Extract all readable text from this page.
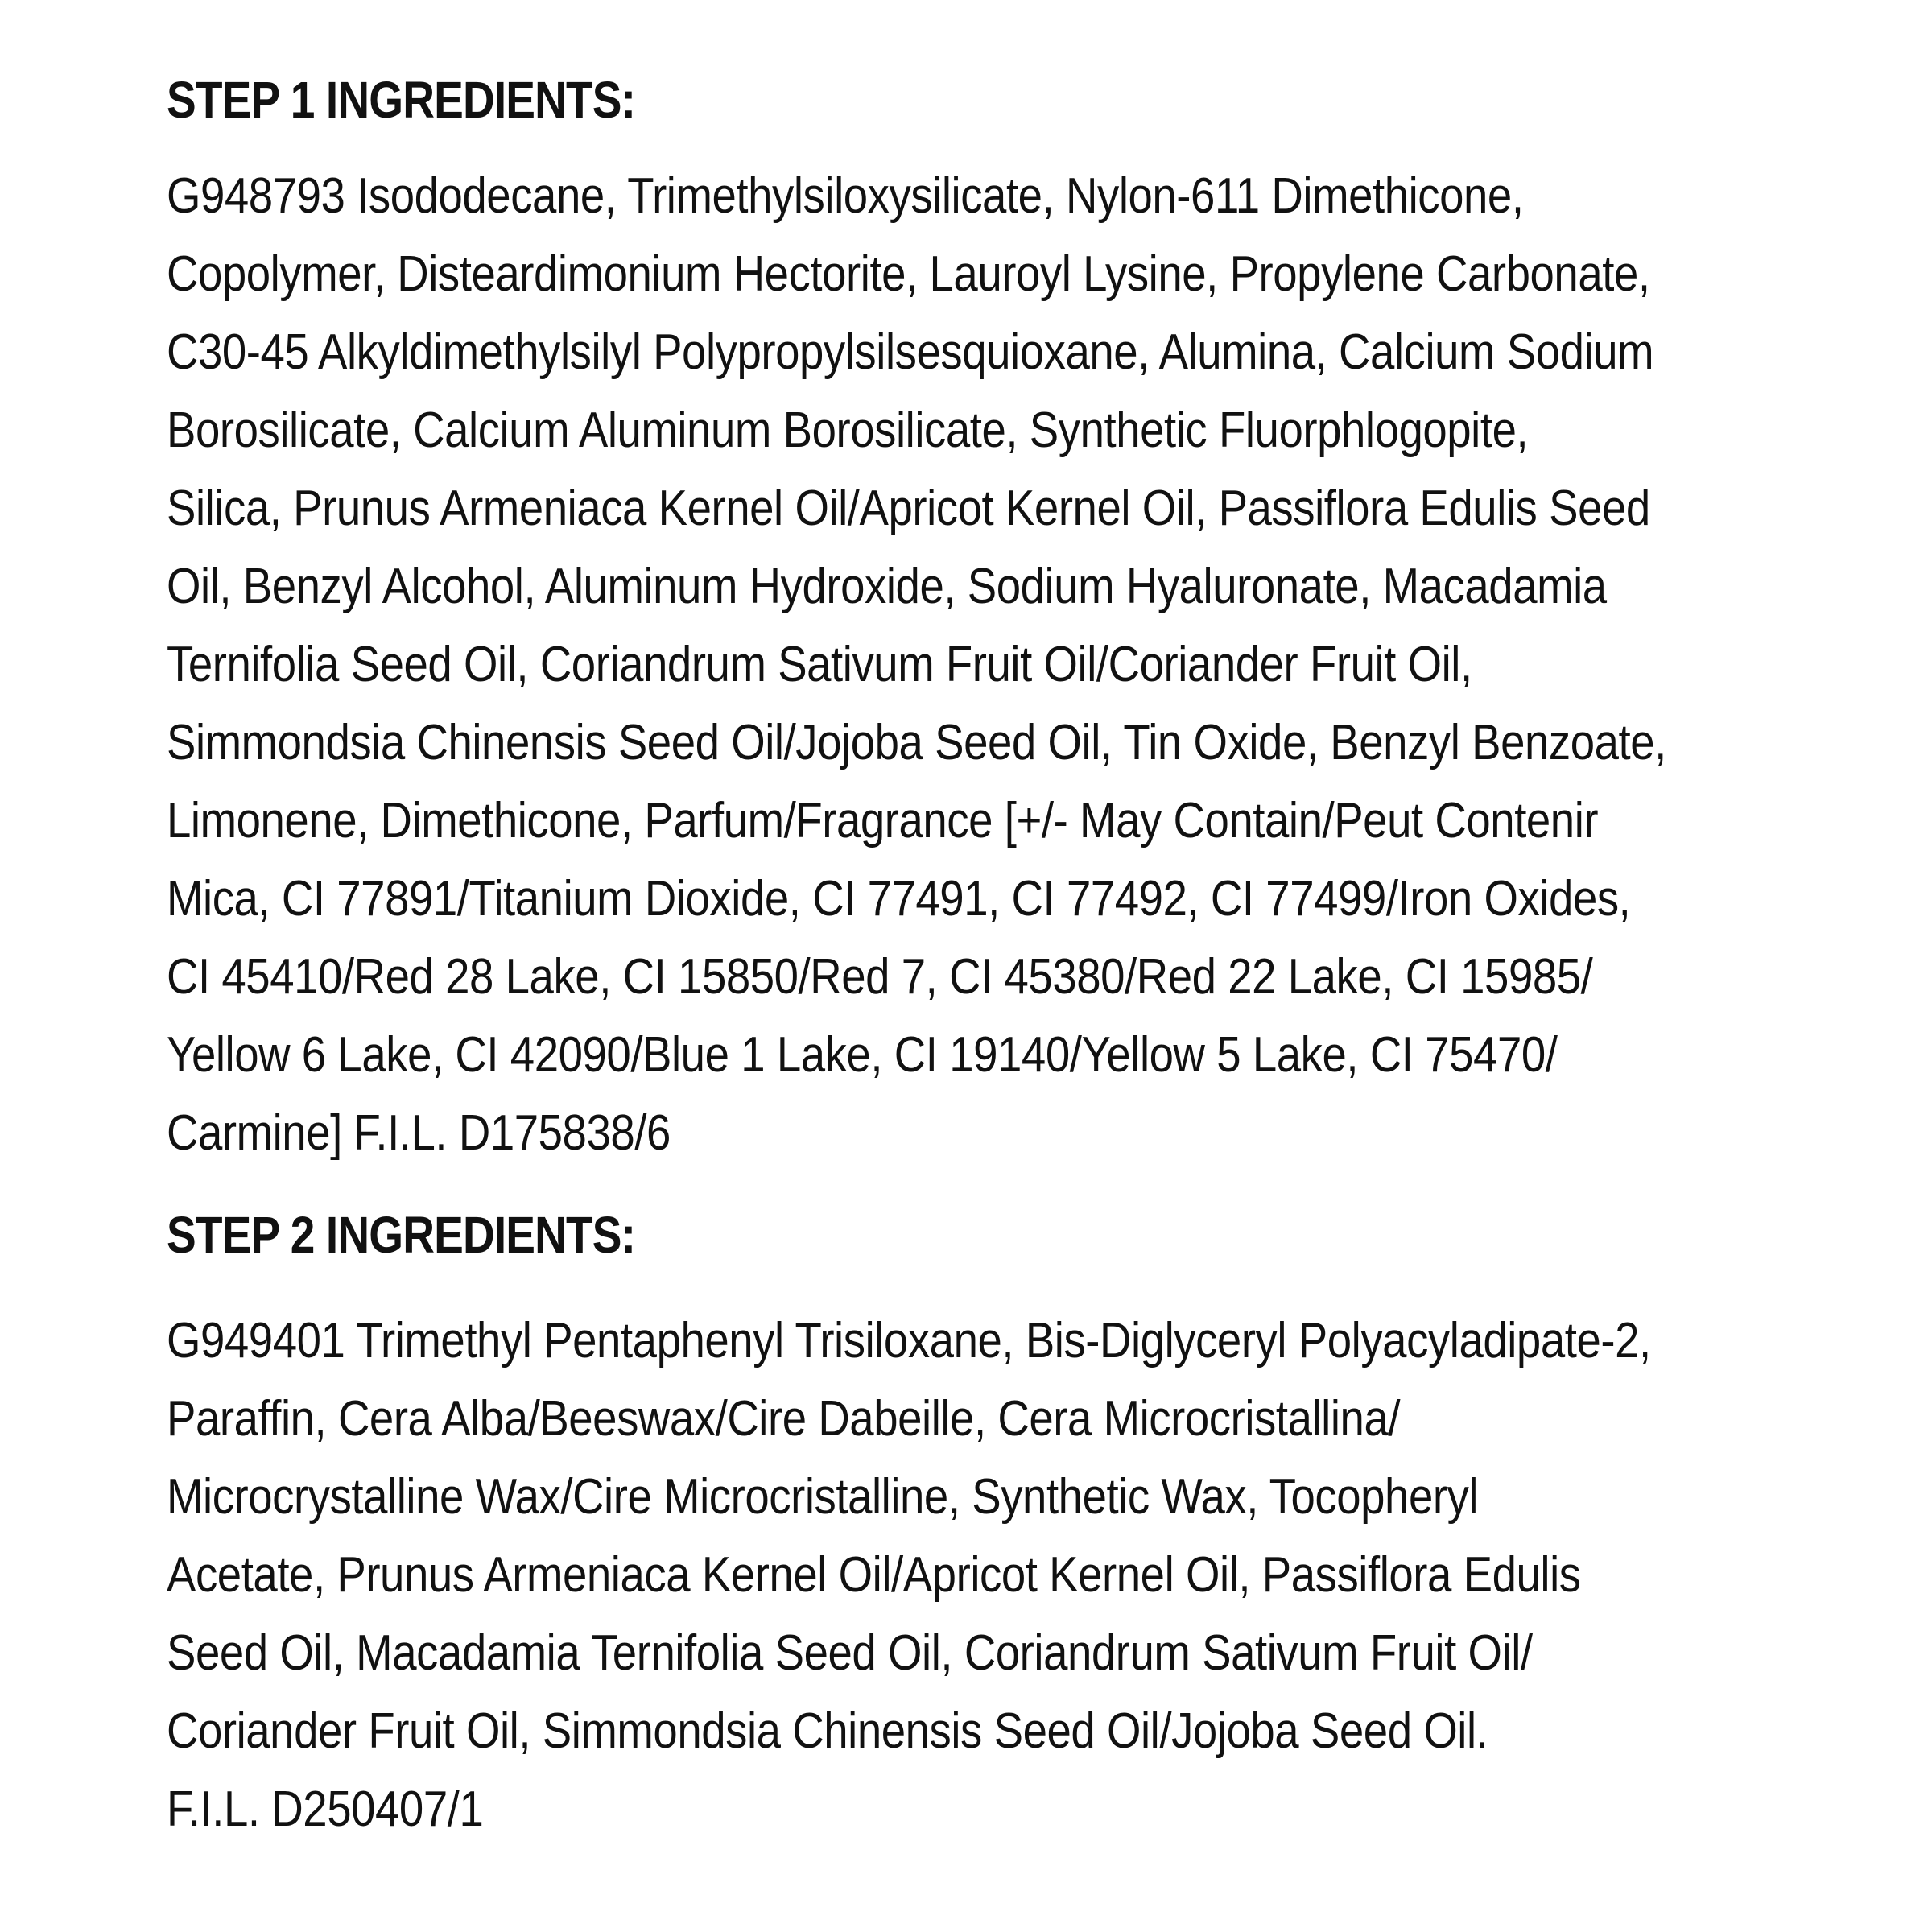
STEP 1 INGREDIENTS:
G948793 Isododecane, Trimethylsiloxysilicate, Nylon-611 Dimethicone,
Copolymer, Disteardimonium Hectorite, Lauroyl Lysine, Propylene Carbonate,
C30-45 Alkyldimethylsilyl Polypropylsilsesquioxane, Alumina, Calcium Sodium
Borosilicate, Calcium Aluminum Borosilicate, Synthetic Fluorphlogopite,
Silica, Prunus Armeniaca Kernel Oil/Apricot Kernel Oil, Passiflora Edulis Seed
Oil, Benzyl Alcohol, Aluminum Hydroxide, Sodium Hyaluronate, Macadamia
Ternifolia Seed Oil, Coriandrum Sativum Fruit Oil/Coriander Fruit Oil,
Simmondsia Chinensis Seed Oil/Jojoba Seed Oil, Tin Oxide, Benzyl Benzoate,
Limonene, Dimethicone, Parfum/Fragrance [+/- May Contain/Peut Contenir
Mica, CI 77891/Titanium Dioxide, CI 77491, CI 77492, CI 77499/Iron Oxides,
CI 45410/Red 28 Lake, CI 15850/Red 7, CI 45380/Red 22 Lake, CI 15985/
Yellow 6 Lake, CI 42090/Blue 1 Lake, CI 19140/Yellow 5 Lake, CI 75470/
Carmine] F.I.L. D175838/6
STEP 2 INGREDIENTS:
G949401 Trimethyl Pentaphenyl Trisiloxane, Bis-Diglyceryl Polyacyladipate-2,
Paraffin, Cera Alba/Beeswax/Cire Dabeille, Cera Microcristallina/
Microcrystalline Wax/Cire Microcristalline, Synthetic Wax, Tocopheryl
Acetate, Prunus Armeniaca Kernel Oil/Apricot Kernel Oil, Passiflora Edulis
Seed Oil, Macadamia Ternifolia Seed Oil, Coriandrum Sativum Fruit Oil/
Coriander Fruit Oil, Simmondsia Chinensis Seed Oil/Jojoba Seed Oil.
F.I.L. D250407/1
